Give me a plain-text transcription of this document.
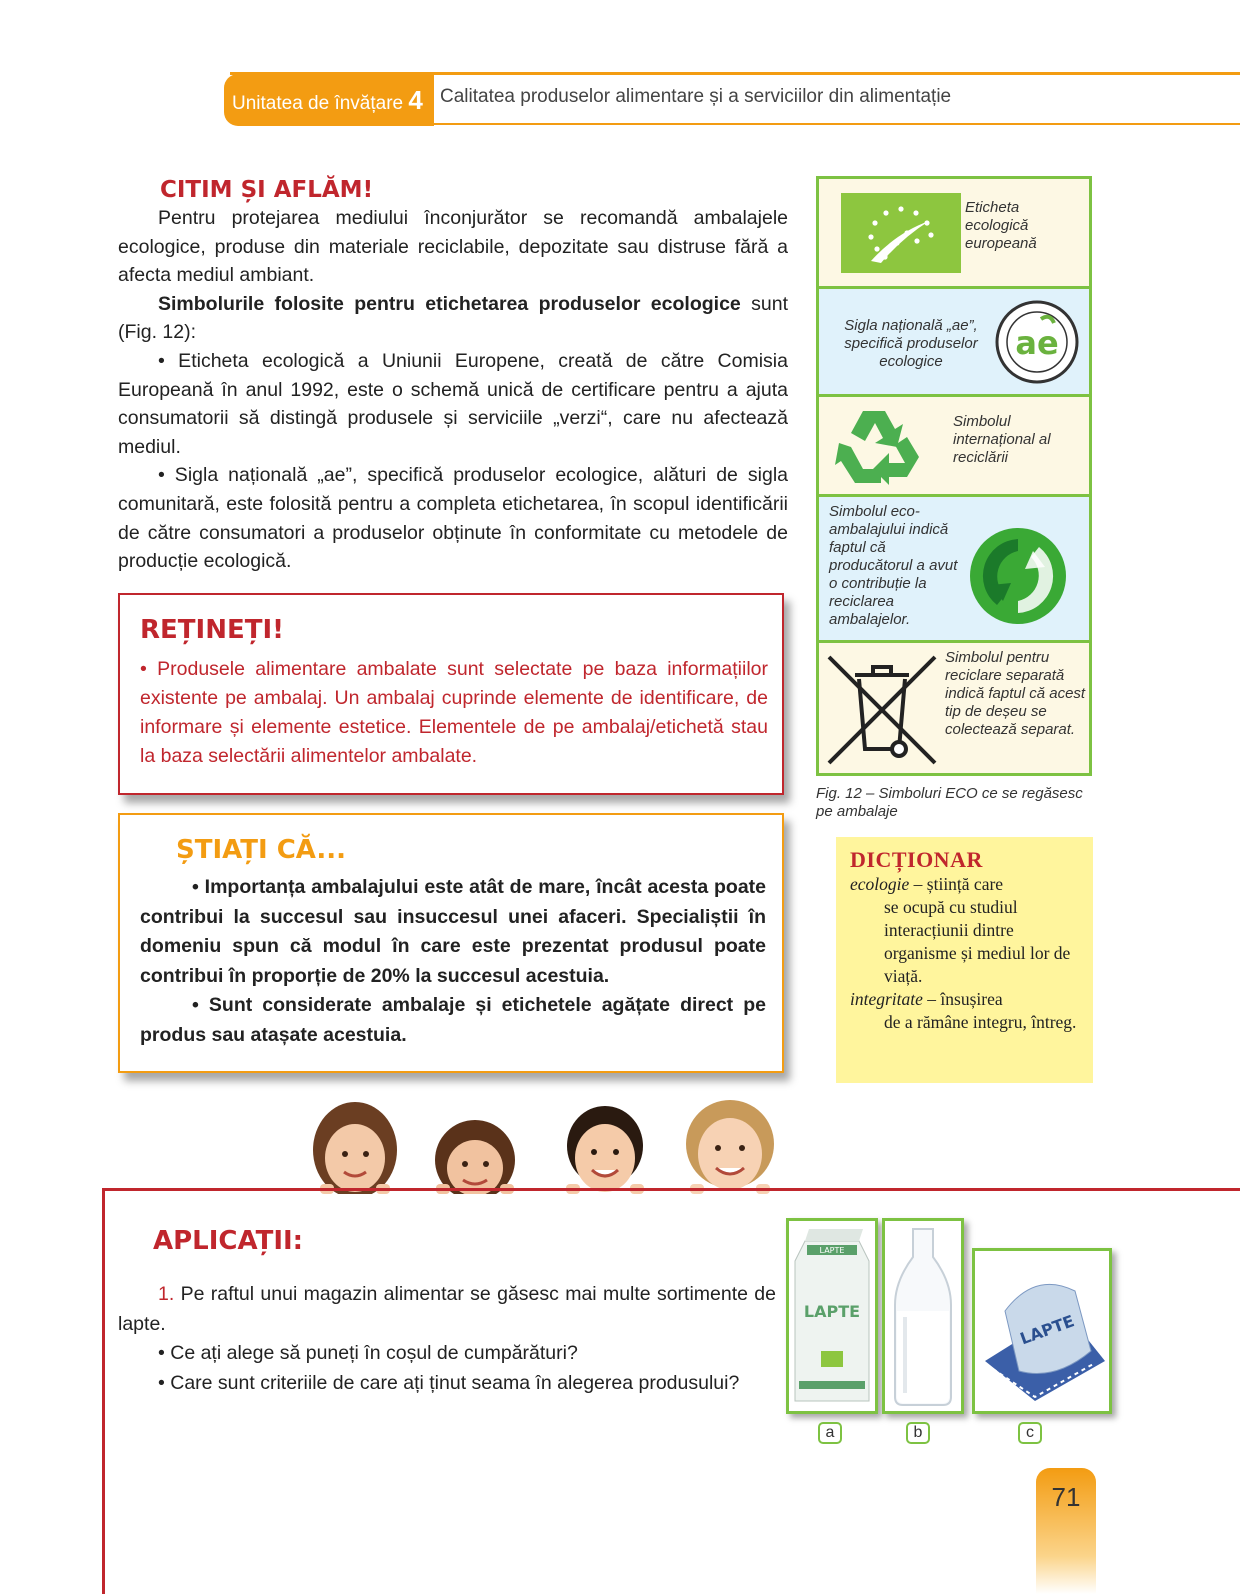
Unitatea de învățare 4 Calitatea produselor alimentare și a serviciilor din alimentație
CITIM ȘI AFLĂM!

Pentru protejarea mediului înconjurător se recomandă ambalajele ecologice, produse din materiale reciclabile, depozitate sau distruse fără a afecta mediul ambiant.

Simbolurile folosite pentru etichetarea produselor ecologice sunt (Fig. 12):

• Eticheta ecologică a Uniunii Europene, creată de către Comisia Europeană în anul 1992, este o schemă unică de certificare pentru a ajuta consumatorii să distingă produsele și serviciile „verzi“, care nu afectează mediul.

• Sigla națională „ae”, specifică produselor ecologice, alături de sigla comunitară, este folosită pentru a completa etichetarea, în scopul identificării de către consumatori a produselor obținute în conformitate cu metodele de producție ecologică.

REȚINEȚI!
• Produsele alimentare ambalate sunt selectate pe baza informațiilor existente pe ambalaj. Un ambalaj cuprinde elemente de identificare, de informare și elemente estetice. Elementele de pe ambalaj/etichetă stau la baza selectării alimentelor ambalate.
ȘTIAȚI CĂ...

• Importanța ambalajului este atât de mare, încât acesta poate contribui la succesul sau insuccesul unei afaceri. Specialiștii în domeniu spun că modul în care este prezentat produsul poate contribui în proporție de 20% la succesul acestuia.

• Sunt considerate ambalaje și etichetele agățate direct pe produs sau atașate acestuia.

Eticheta ecologică europeană
Sigla națională „ae”, specifică produselor ecologice	ae
Simbolul internațional al reciclării
Simbolul eco-ambalajului indică faptul că producătorul a avut o contribuție la reciclarea ambalajelor.
Simbolul pentru reciclare separată indică faptul că acest tip de deșeu se colectează separat.
Fig. 12 – Simboluri ECO ce se regăsesc pe ambalaje
DICȚIONAR
ecologie – știință care
se ocupă cu studiul interacțiunii dintre organisme și mediul lor de viață.
integritate – însușirea
de a rămâne integru, întreg.
APLICAȚII:

1. Pe raftul unui magazin alimentar se găsesc mai multe sortimente de lapte.

• Ce ați alege să puneți în coșul de cumpărături?

• Care sunt criteriile de care ați ținut seama în alegerea produsului?

LAPTE
LAPTE	LAPTE
a	b	c
71
